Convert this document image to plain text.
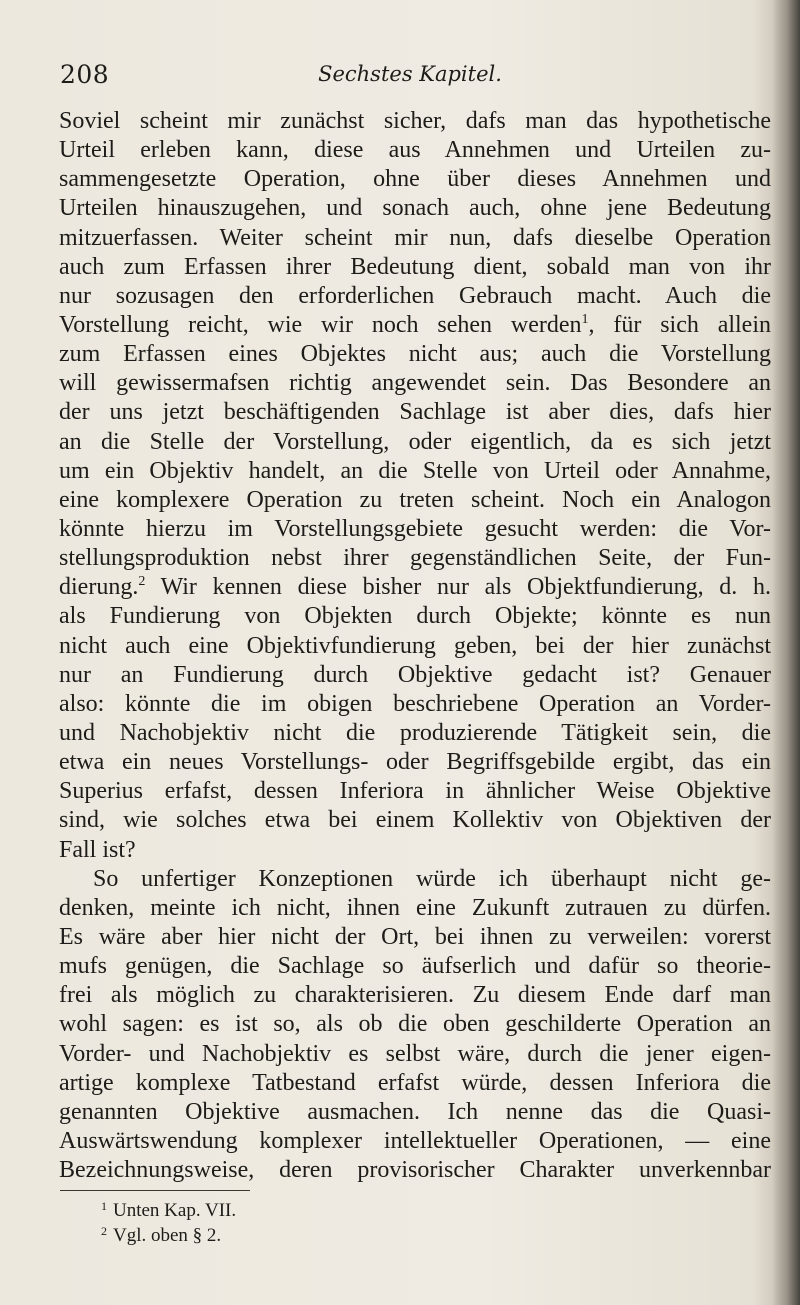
208	Sechstes Kapitel.
Soviel scheint mir zunächst sicher, dafs man das hypothetische
Urteil erleben kann, diese aus Annehmen und Urteilen zu-
sammengesetzte Operation, ohne über dieses Annehmen und
Urteilen hinauszugehen, und sonach auch, ohne jene Bedeutung
mitzuerfassen. Weiter scheint mir nun, dafs dieselbe Operation
auch zum Erfassen ihrer Bedeutung dient, sobald man von ihr
nur sozusagen den erforderlichen Gebrauch macht. Auch die
Vorstellung reicht, wie wir noch sehen werden$^1$, für sich allein
zum Erfassen eines Objektes nicht aus; auch die Vorstellung
will gewissermafsen richtig angewendet sein. Das Besondere an
der uns jetzt beschäftigenden Sachlage ist aber dies, dafs hier
an die Stelle der Vorstellung, oder eigentlich, da es sich jetzt
um ein Objektiv handelt, an die Stelle von Urteil oder Annahme,
eine komplexere Operation zu treten scheint. Noch ein Analogon
könnte hierzu im Vorstellungsgebiete gesucht werden: die Vor-
stellungsproduktion nebst ihrer gegenständlichen Seite, der Fun-
dierung.$^2$ Wir kennen diese bisher nur als Objektfundierung, d. h.
als Fundierung von Objekten durch Objekte; könnte es nun
nicht auch eine Objektivfundierung geben, bei der hier zunächst
nur an Fundierung durch Objektive gedacht ist? Genauer
also: könnte die im obigen beschriebene Operation an Vorder-
und Nachobjektiv nicht die produzierende Tätigkeit sein, die
etwa ein neues Vorstellungs- oder Begriffsgebilde ergibt, das ein
Superius erfafst, dessen Inferiora in ähnlicher Weise Objektive
sind, wie solches etwa bei einem Kollektiv von Objektiven der
Fall ist?
So unfertiger Konzeptionen würde ich überhaupt nicht ge-
denken, meinte ich nicht, ihnen eine Zukunft zutrauen zu dürfen.
Es wäre aber hier nicht der Ort, bei ihnen zu verweilen: vorerst
mufs genügen, die Sachlage so äufserlich und dafür so theorie-
frei als möglich zu charakterisieren. Zu diesem Ende darf man
wohl sagen: es ist so, als ob die oben geschilderte Operation an
Vorder- und Nachobjektiv es selbst wäre, durch die jener eigen-
artige komplexe Tatbestand erfafst würde, dessen Inferiora die
genannten Objektive ausmachen. Ich nenne das die Quasi-
Auswärtswendung komplexer intellektueller Operationen, — eine
Bezeichnungsweise, deren provisorischer Charakter unverkennbar
$^1$ Unten Kap. VII.
$^2$ Vgl. oben § 2.
